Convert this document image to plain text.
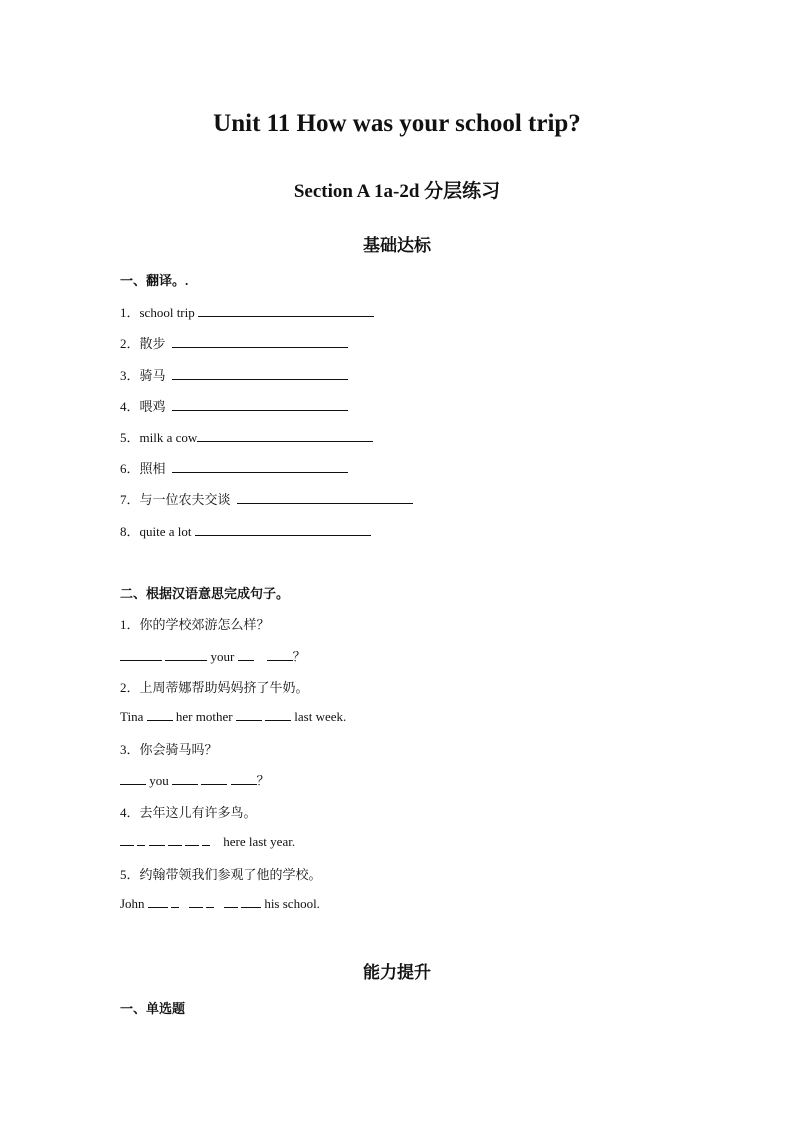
Unit 11 How was your school trip?
Section A 1a-2d 分层练习
基础达标
一、翻译。.
1．school trip
2．散步
3．骑马
4．喂鸡
5．milk a cow
6．照相
7．与一位农夫交谈
8．quite a lot
二、根据汉语意思完成句子。
1．你的学校郊游怎么样？
your	？
2．上周蒂娜帮助妈妈挤了牛奶。
Tina	her mother	last week.
3．你会骑马吗？
you	？
4．去年这儿有许多鸟。
here last year.
5．约翰带领我们参观了他的学校。
John	his school.
能力提升
一、单选题
